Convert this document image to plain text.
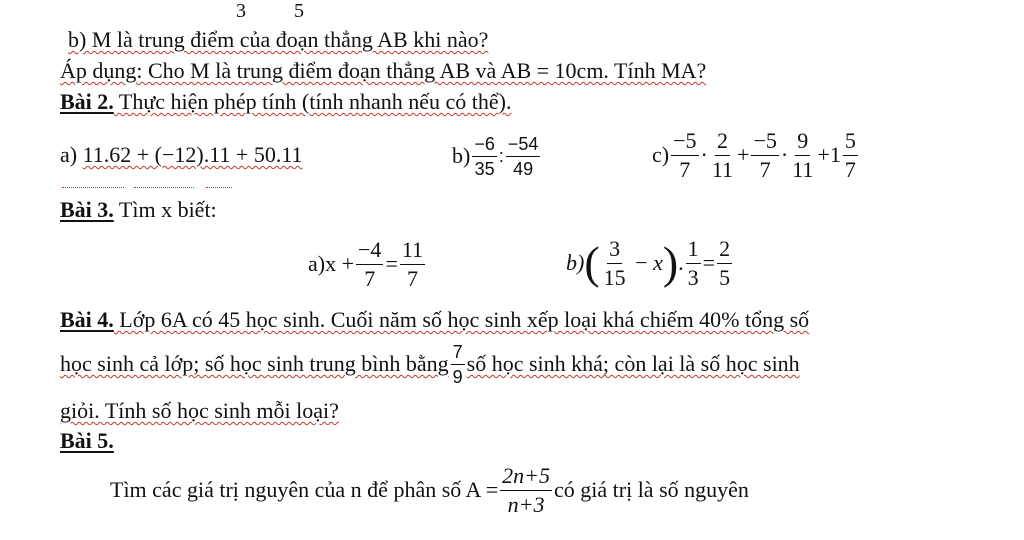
3 5
b) M là trung điểm của đoạn thẳng AB khi nào?
Áp dụng: Cho M là trung điểm đoạn thẳng AB và AB = 10cm. Tính MA?
Bài 2. Thực hiện phép tính (tính nhanh nếu có thể).
a) 11.62 + (−12).11 + 50.11	$b) \frac{-6}{35}$ : $\frac{-54}{49}$	$c) \frac{-5}{7} \cdot \frac{2}{11} + \frac{-5}{7} \cdot \frac{9}{11} + 1 \frac{5}{7}$
Bài 3. Tìm x biết:
a) $x + \frac{-4}{7} = \frac{11}{7}$	b) ( $\frac{3}{15} - x$ ) . $\frac{1}{3} = \frac{2}{5}$
Bài 4. Lớp 6A có 45 học sinh. Cuối năm số học sinh xếp loại khá chiếm 40% tổng số
học sinh cả lớp; số học sinh trung bình bằng $\frac{7}{9}$ số học sinh khá; còn lại là số học sinh
giỏi. Tính số học sinh mỗi loại?
Bài 5.
Tìm các giá trị nguyên của n để phân số $A = \frac{2n+5}{n+3}$ có giá trị là số nguyên
